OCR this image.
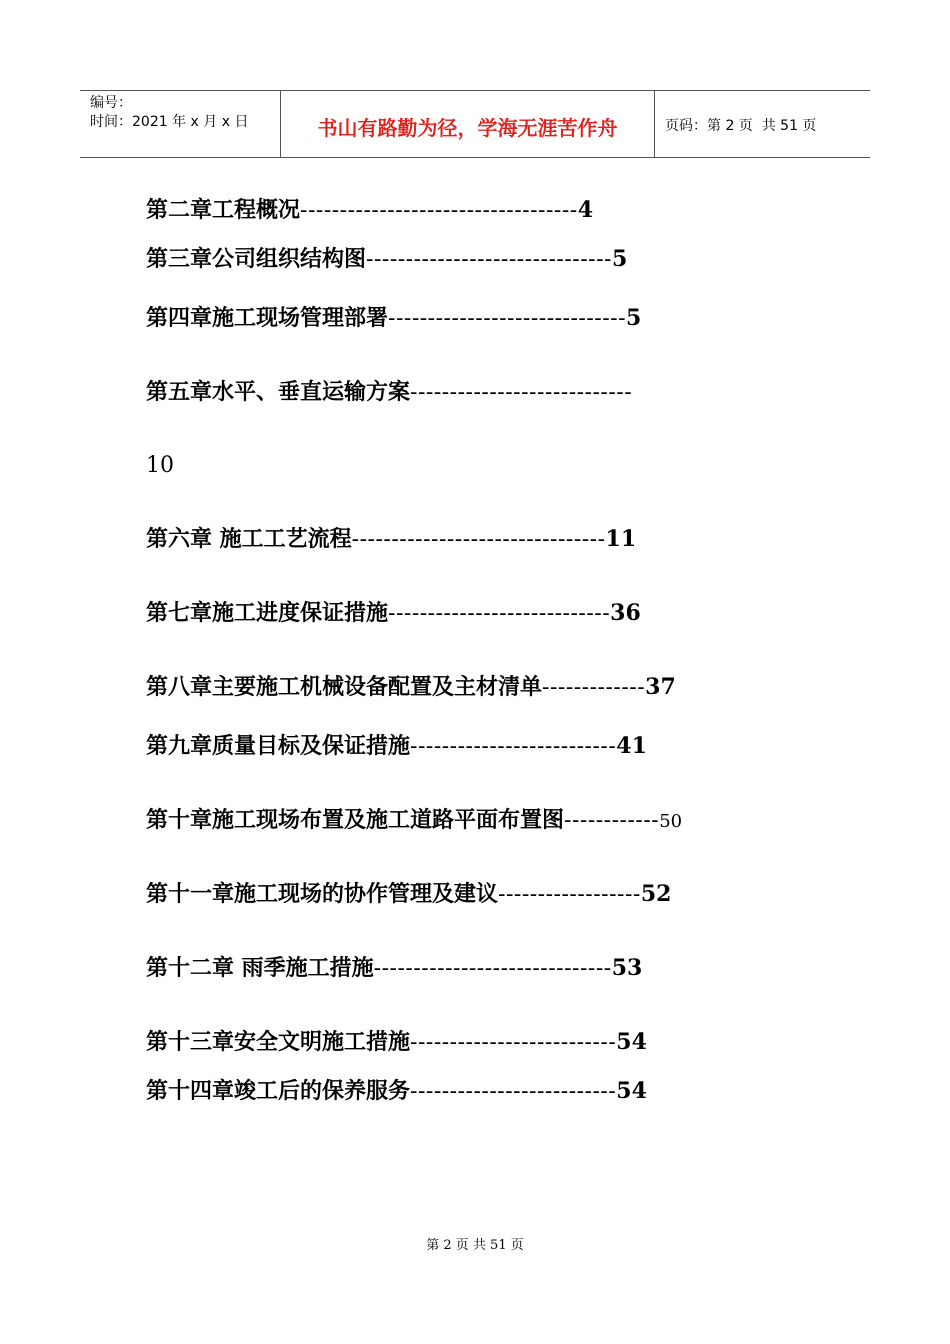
编号：
时间：2021 年 x 月 x 日	书山有路勤为径，学海无涯苦作舟	页码：第 2 页  共 51 页
第二章工程概况-----------------------------------4
第三章公司组织结构图-------------------------------5
第四章施工现场管理部署------------------------------5
第五章水平、垂直运输方案----------------------------
10
第六章 施工工艺流程--------------------------------11
第七章施工进度保证措施----------------------------36
第八章主要施工机械设备配置及主材清单-------------37
第九章质量目标及保证措施--------------------------41
第十章施工现场布置及施工道路平面布置图------------50
第十一章施工现场的协作管理及建议------------------52
第十二章 雨季施工措施------------------------------53
第十三章安全文明施工措施--------------------------54
第十四章竣工后的保养服务--------------------------54
第 2 页 共 51 页
